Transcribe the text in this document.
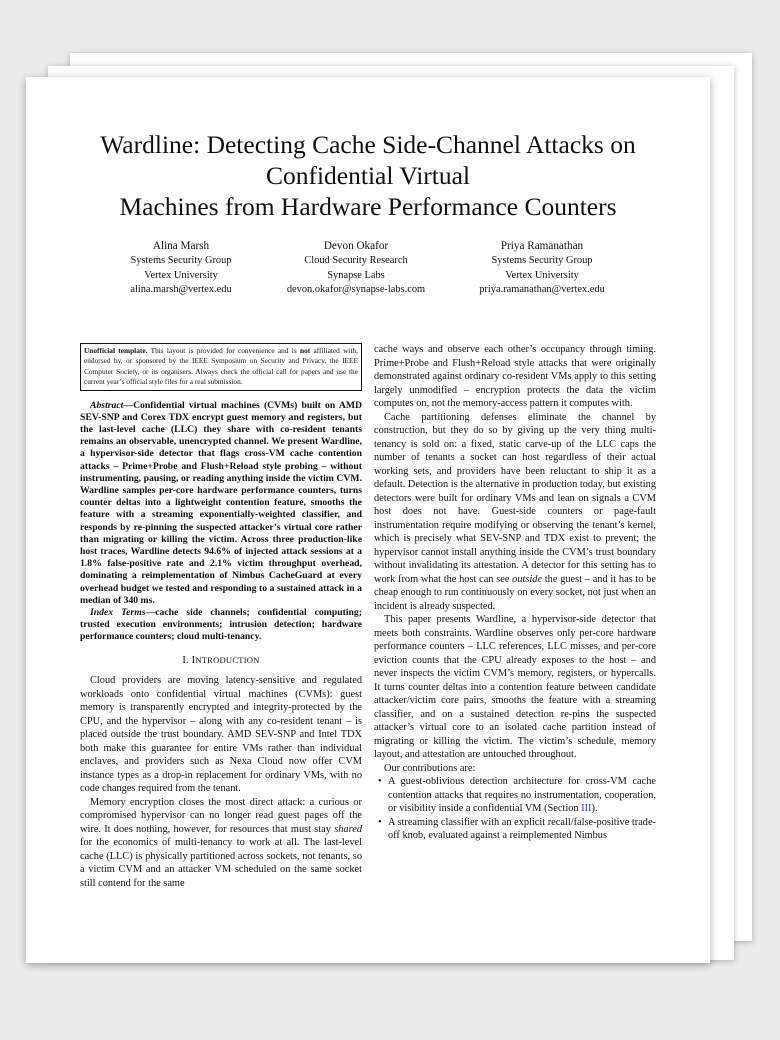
Wardline: Detecting Cache Side-Channel Attacks on
Confidential Virtual
Machines from Hardware Performance Counters
Alina Marsh
Systems Security Group
Vertex University
alina.marsh@vertex.edu
Devon Okafor
Cloud Security Research
Synapse Labs
devon.okafor@synapse-labs.com
Priya Ramanathan
Systems Security Group
Vertex University
priya.ramanathan@vertex.edu
Unofficial template. This layout is provided for convenience and is not affiliated with, endorsed by, or sponsored by the IEEE Symposium on Security and Privacy, the IEEE Computer Society, or its organisers. Always check the official call for papers and use the current year’s official style files for a real submission.

Abstract—Confidential virtual machines (CVMs) built on AMD SEV-SNP and Corex TDX encrypt guest memory and registers, but the last-level cache (LLC) they share with co-resident tenants remains an observable, unencrypted channel. We present Wardline, a hypervisor-side detector that flags cross-VM cache contention attacks – Prime+Probe and Flush+Reload style probing – without instrumenting, pausing, or reading anything inside the victim CVM. Wardline samples per-core hardware performance counters, turns counter deltas into a lightweight contention feature, smooths the feature with a streaming exponentially-weighted classifier, and responds by re-pinning the suspected attacker’s virtual core rather than migrating or killing the victim. Across three production-like host traces, Wardline detects 94.6% of injected attack sessions at a 1.8% false-positive rate and 2.1% victim throughput overhead, dominating a reimplementation of Nimbus CacheGuard at every overhead budget we tested and responding to a sustained attack in a median of 340 ms.

Index Terms—cache side channels; confidential computing; trusted execution environments; intrusion detection; hardware performance counters; cloud multi-tenancy.

I. INTRODUCTION

Cloud providers are moving latency-sensitive and regulated workloads onto confidential virtual machines (CVMs): guest memory is transparently encrypted and integrity-protected by the CPU, and the hypervisor – along with any co-resident tenant – is placed outside the trust boundary. AMD SEV-SNP and Intel TDX both make this guarantee for entire VMs rather than individual enclaves, and providers such as Nexa Cloud now offer CVM instance types as a drop-in replacement for ordinary VMs, with no code changes required from the tenant.

Memory encryption closes the most direct attack: a curious or compromised hypervisor can no longer read guest pages off the wire. It does nothing, however, for resources that must stay shared for the economics of multi-tenancy to work at all. The last-level cache (LLC) is physically partitioned across sockets, not tenants, so a victim CVM and an attacker VM scheduled on the same socket still contend for the same

cache ways and observe each other’s occupancy through timing. Prime+Probe and Flush+Reload style attacks that were originally demonstrated against ordinary co-resident VMs apply to this setting largely unmodified – encryption protects the data the victim computes on, not the memory-access pattern it computes with.

Cache partitioning defenses eliminate the channel by construction, but they do so by giving up the very thing multi-tenancy is sold on: a fixed, static carve-up of the LLC caps the number of tenants a socket can host regardless of their actual working sets, and providers have been reluctant to ship it as a default. Detection is the alternative in production today, but existing detectors were built for ordinary VMs and lean on signals a CVM host does not have. Guest-side counters or page-fault instrumentation require modifying or observing the tenant’s kernel, which is precisely what SEV-SNP and TDX exist to prevent; the hypervisor cannot install anything inside the CVM’s trust boundary without invalidating its attestation. A detector for this setting has to work from what the host can see outside the guest – and it has to be cheap enough to run continuously on every socket, not just when an incident is already suspected.

This paper presents Wardline, a hypervisor-side detector that meets both constraints. Wardline observes only per-core hardware performance counters – LLC references, LLC misses, and per-core eviction counts that the CPU already exposes to the host – and never inspects the victim CVM’s memory, registers, or hypercalls. It turns counter deltas into a contention feature between candidate attacker/victim core pairs, smooths the feature with a streaming classifier, and on a sustained detection re-pins the suspected attacker’s virtual core to an isolated cache partition instead of migrating or killing the victim. The victim’s schedule, memory layout, and attestation are untouched throughout.

Our contributions are:

• A guest-oblivious detection architecture for cross-VM cache contention attacks that requires no instrumentation, cooperation, or visibility inside a confidential VM (Section III).
• A streaming classifier with an explicit recall/false-positive trade-off knob, evaluated against a reimplemented Nimbus
